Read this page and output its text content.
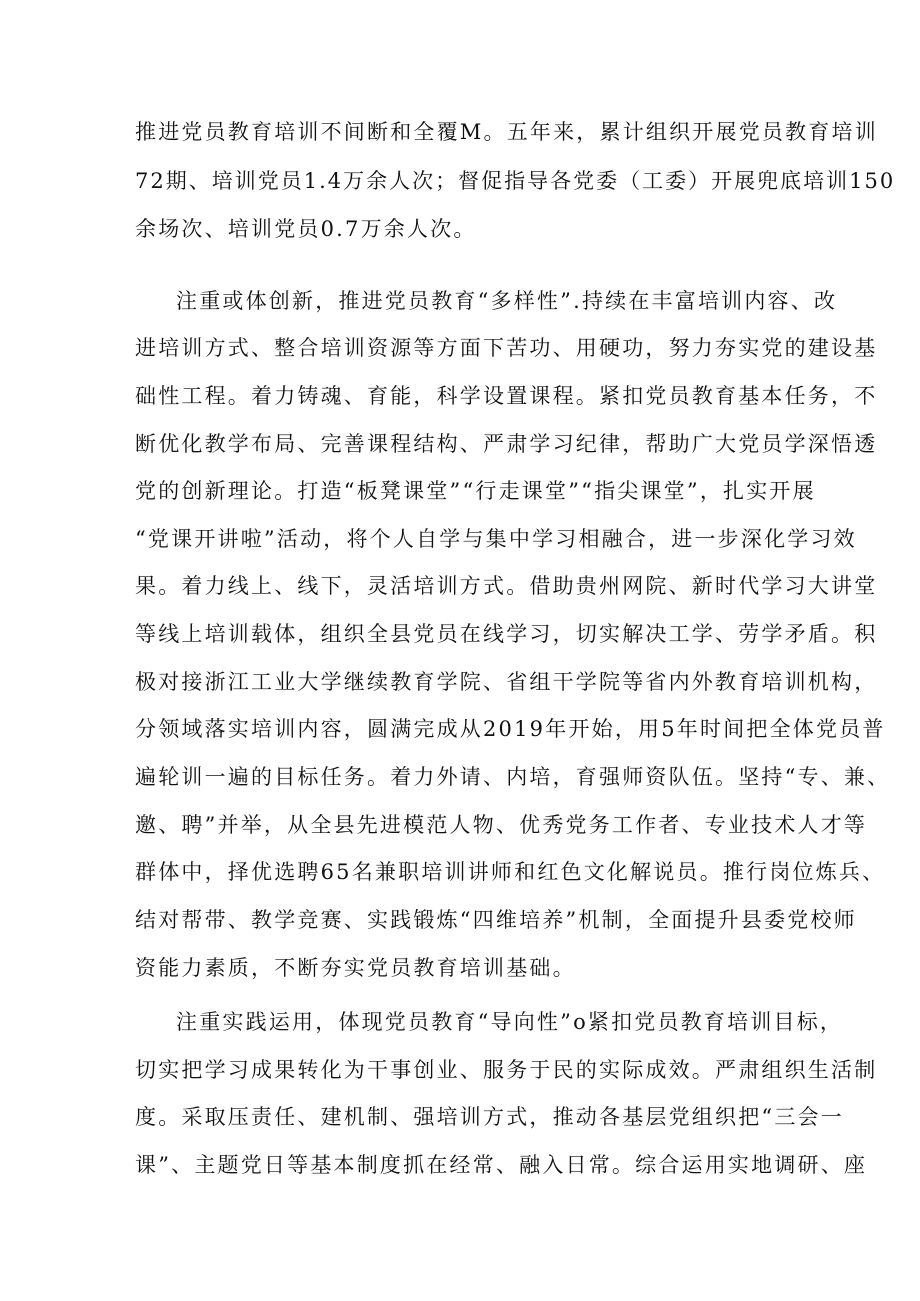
推进党员教育培训不间断和全覆M。五年来，累计组织开展党员教育培训
72期、培训党员1.4万余人次；督促指导各党委（工委）开展兜底培训150
余场次、培训党员0.7万余人次。
注重或体创新，推进党员教育“多样性”.持续在丰富培训内容、改
进培训方式、整合培训资源等方面下苦功、用硬功，努力夯实党的建设基
础性工程。着力铸魂、育能，科学设置课程。紧扣党员教育基本任务，不
断优化教学布局、完善课程结构、严肃学习纪律，帮助广大党员学深悟透
党的创新理论。打造“板凳课堂”“行走课堂”“指尖课堂”，扎实开展
“党课开讲啦”活动，将个人自学与集中学习相融合，进一步深化学习效
果。着力线上、线下，灵活培训方式。借助贵州网院、新时代学习大讲堂
等线上培训载体，组织全县党员在线学习，切实解决工学、劳学矛盾。积
极对接浙江工业大学继续教育学院、省组干学院等省内外教育培训机构，
分领域落实培训内容，圆满完成从2019年开始，用5年时间把全体党员普
遍轮训一遍的目标任务。着力外请、内培，育强师资队伍。坚持“专、兼、
邀、聘”并举，从全县先进模范人物、优秀党务工作者、专业技术人才等
群体中，择优选聘65名兼职培训讲师和红色文化解说员。推行岗位炼兵、
结对帮带、教学竞赛、实践锻炼“四维培养”机制，全面提升县委党校师
资能力素质，不断夯实党员教育培训基础。
注重实践运用，体现党员教育“导向性”o紧扣党员教育培训目标，
切实把学习成果转化为干事创业、服务于民的实际成效。严肃组织生活制
度。采取压责任、建机制、强培训方式，推动各基层党组织把“三会一
课”、主题党日等基本制度抓在经常、融入日常。综合运用实地调研、座
